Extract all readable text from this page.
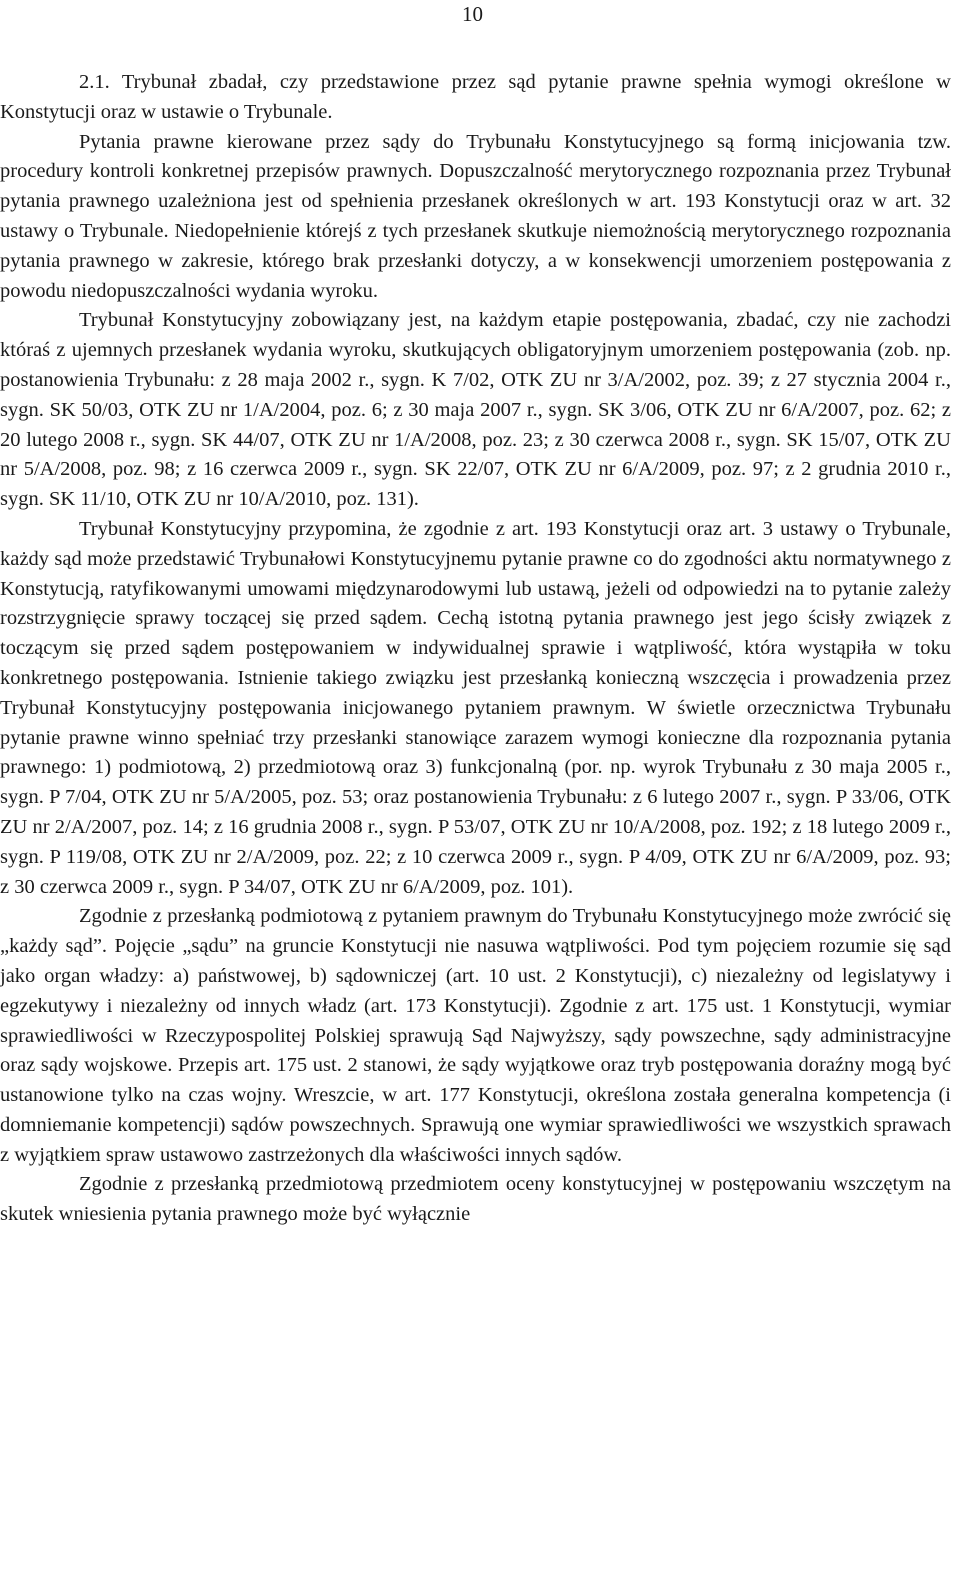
10

2.1. Trybunał zbadał, czy przedstawione przez sąd pytanie prawne spełnia wymogi określone w Konstytucji oraz w ustawie o Trybunale.

Pytania prawne kierowane przez sądy do Trybunału Konstytucyjnego są formą inicjowania tzw. procedury kontroli konkretnej przepisów prawnych. Dopuszczalność merytorycznego rozpoznania przez Trybunał pytania prawnego uzależniona jest od spełnienia przesłanek określonych w art. 193 Konstytucji oraz w art. 32 ustawy o Trybunale. Niedopełnienie którejś z tych przesłanek skutkuje niemożnością merytorycznego rozpoznania pytania prawnego w zakresie, którego brak przesłanki dotyczy, a w konsekwencji umorzeniem postępowania z powodu niedopuszczalności wydania wyroku.

Trybunał Konstytucyjny zobowiązany jest, na każdym etapie postępowania, zbadać, czy nie zachodzi któraś z ujemnych przesłanek wydania wyroku, skutkujących obligatoryjnym umorzeniem postępowania (zob. np. postanowienia Trybunału: z 28 maja 2002 r., sygn. K 7/02, OTK ZU nr 3/A/2002, poz. 39; z 27 stycznia 2004 r., sygn. SK 50/03, OTK ZU nr 1/A/2004, poz. 6; z 30 maja 2007 r., sygn. SK 3/06, OTK ZU nr 6/A/2007, poz. 62; z 20 lutego 2008 r., sygn. SK 44/07, OTK ZU nr 1/A/2008, poz. 23; z 30 czerwca 2008 r., sygn. SK 15/07, OTK ZU nr 5/A/2008, poz. 98; z 16 czerwca 2009 r., sygn. SK 22/07, OTK ZU nr 6/A/2009, poz. 97; z 2 grudnia 2010 r., sygn. SK 11/10, OTK ZU nr 10/A/2010, poz. 131).

Trybunał Konstytucyjny przypomina, że zgodnie z art. 193 Konstytucji oraz art. 3 ustawy o Trybunale, każdy sąd może przedstawić Trybunałowi Konstytucyjnemu pytanie prawne co do zgodności aktu normatywnego z Konstytucją, ratyfikowanymi umowami międzynarodowymi lub ustawą, jeżeli od odpowiedzi na to pytanie zależy rozstrzygnięcie sprawy toczącej się przed sądem. Cechą istotną pytania prawnego jest jego ścisły związek z toczącym się przed sądem postępowaniem w indywidualnej sprawie i wątpliwość, która wystąpiła w toku konkretnego postępowania. Istnienie takiego związku jest przesłanką konieczną wszczęcia i prowadzenia przez Trybunał Konstytucyjny postępowania inicjowanego pytaniem prawnym. W świetle orzecznictwa Trybunału pytanie prawne winno spełniać trzy przesłanki stanowiące zarazem wymogi konieczne dla rozpoznania pytania prawnego: 1) podmiotową, 2) przedmiotową oraz 3) funkcjonalną (por. np. wyrok Trybunału z 30 maja 2005 r., sygn. P 7/04, OTK ZU nr 5/A/2005, poz. 53; oraz postanowienia Trybunału: z 6 lutego 2007 r., sygn. P 33/06, OTK ZU nr 2/A/2007, poz. 14; z 16 grudnia 2008 r., sygn. P 53/07, OTK ZU nr 10/A/2008, poz. 192; z 18 lutego 2009 r., sygn. P 119/08, OTK ZU nr 2/A/2009, poz. 22; z 10 czerwca 2009 r., sygn. P 4/09, OTK ZU nr 6/A/2009, poz. 93; z 30 czerwca 2009 r., sygn. P 34/07, OTK ZU nr 6/A/2009, poz. 101).

Zgodnie z przesłanką podmiotową z pytaniem prawnym do Trybunału Konstytucyjnego może zwrócić się „każdy sąd”. Pojęcie „sądu” na gruncie Konstytucji nie nasuwa wątpliwości. Pod tym pojęciem rozumie się sąd jako organ władzy: a) państwowej, b) sądowniczej (art. 10 ust. 2 Konstytucji), c) niezależny od legislatywy i egzekutywy i niezależny od innych władz (art. 173 Konstytucji). Zgodnie z art. 175 ust. 1 Konstytucji, wymiar sprawiedliwości w Rzeczypospolitej Polskiej sprawują Sąd Najwyższy, sądy powszechne, sądy administracyjne oraz sądy wojskowe. Przepis art. 175 ust. 2 stanowi, że sądy wyjątkowe oraz tryb postępowania doraźny mogą być ustanowione tylko na czas wojny. Wreszcie, w art. 177 Konstytucji, określona została generalna kompetencja (i domniemanie kompetencji) sądów powszechnych. Sprawują one wymiar sprawiedliwości we wszystkich sprawach z wyjątkiem spraw ustawowo zastrzeżonych dla właściwości innych sądów.

Zgodnie z przesłanką przedmiotową przedmiotem oceny konstytucyjnej w postępowaniu wszczętym na skutek wniesienia pytania prawnego może być wyłącznie
